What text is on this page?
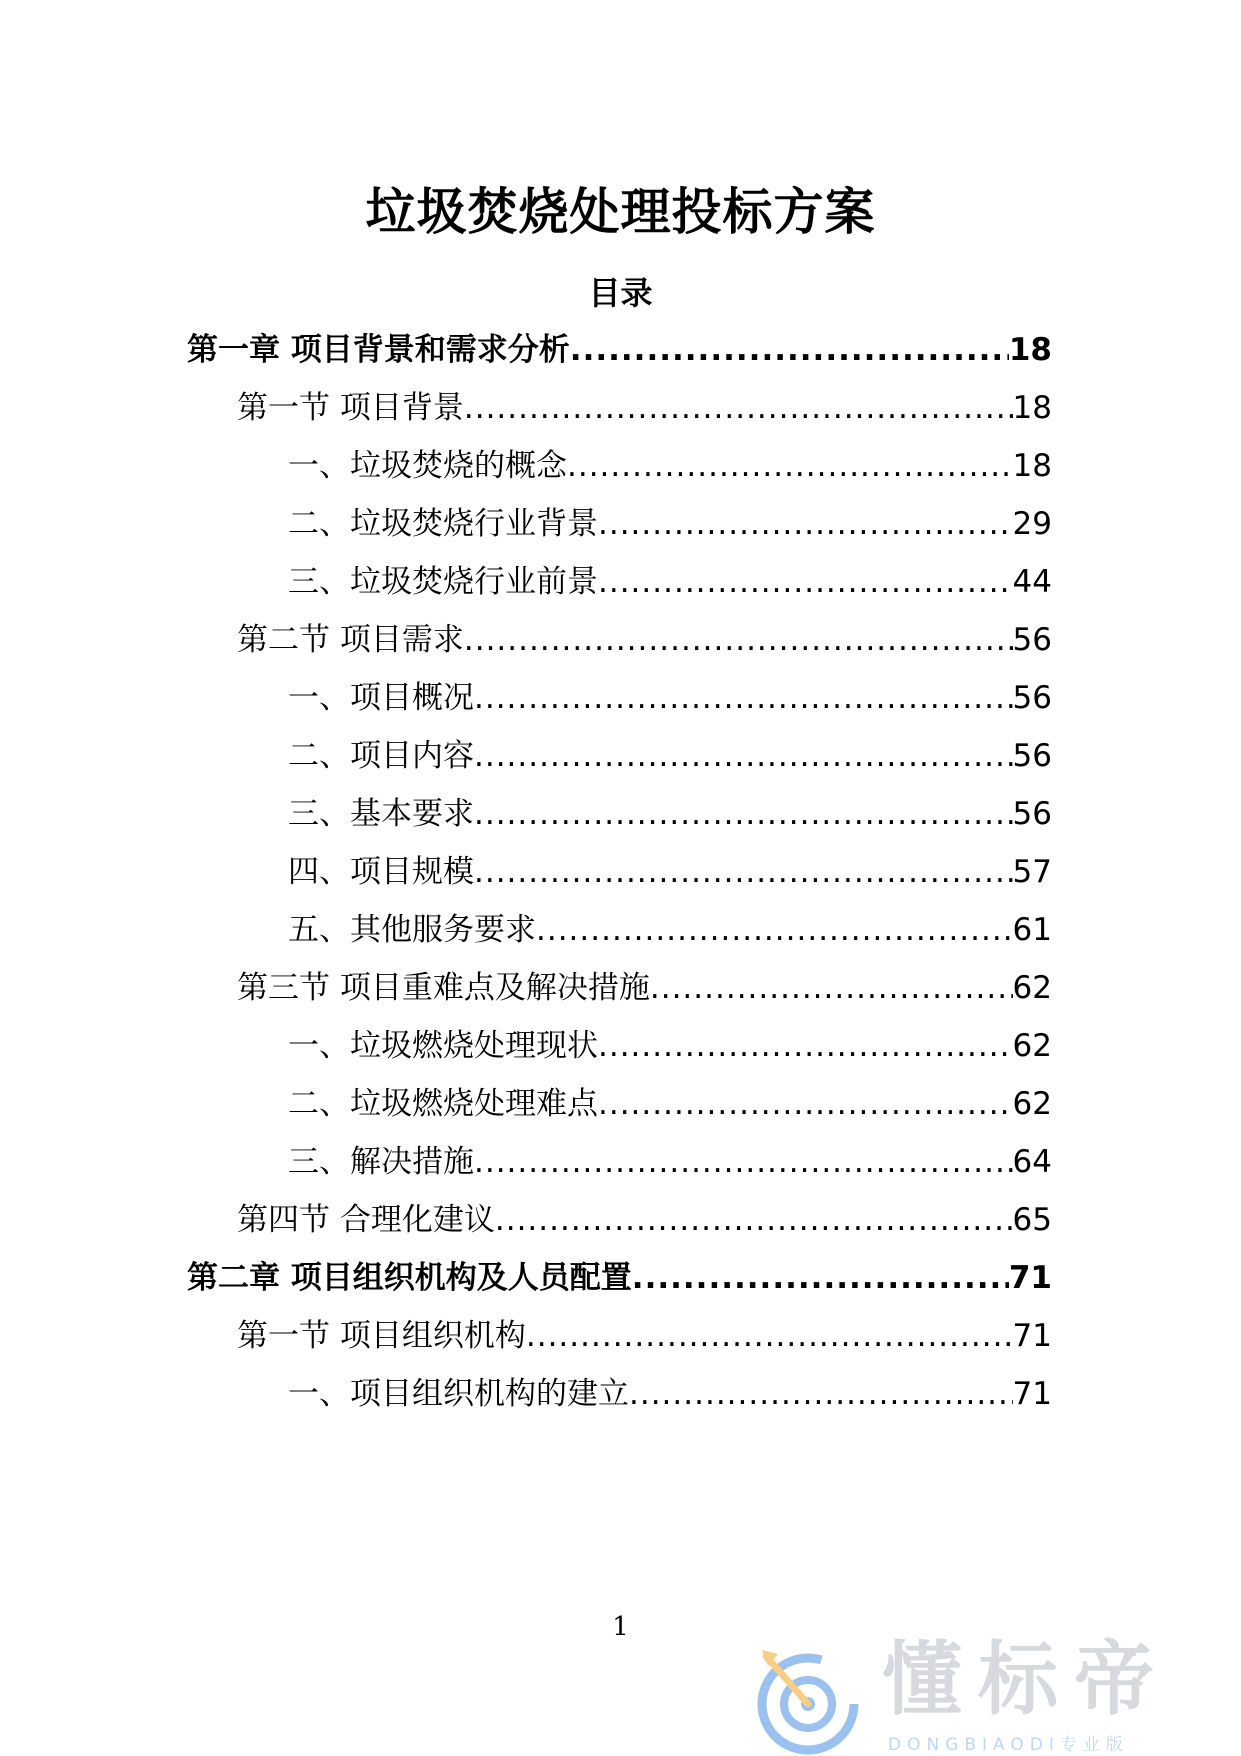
垃圾焚烧处理投标方案
目录
第一章 项目背景和需求分析 .....	18
第一节 项目背景 .....	18
一、垃圾焚烧的概念 .....	18
二、垃圾焚烧行业背景 .....	29
三、垃圾焚烧行业前景 .....	44
第二节 项目需求 .....	56
一、项目概况 .....	56
二、项目内容 .....	56
三、基本要求 .....	56
四、项目规模 .....	57
五、其他服务要求 .....	61
第三节 项目重难点及解决措施 .....	62
一、垃圾燃烧处理现状 .....	62
二、垃圾燃烧处理难点 .....	62
三、解决措施 .....	64
第四节 合理化建议 .....	65
第二章 项目组织机构及人员配置 .....	71
第一节 项目组织机构 .....	71
一、项目组织机构的建立 .....	71
1
懂标帝
DONGBIAODI专业版
